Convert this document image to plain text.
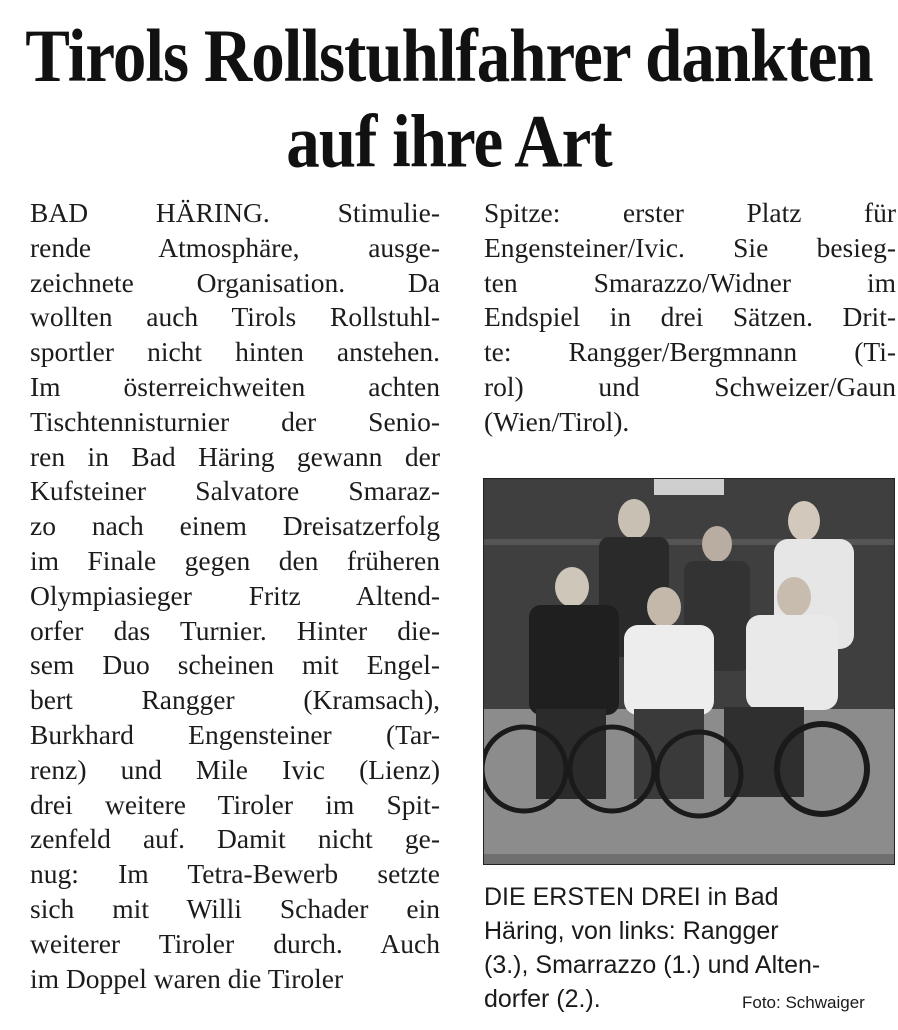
Tirols Rollstuhlfahrer dankten auf ihre Art
BAD HÄRING. Stimulie-
rende Atmosphäre, ausge-
zeichnete Organisation. Da
wollten auch Tirols Rollstuhl-
sportler nicht hinten anstehen.
Im österreichweiten achten
Tischtennisturnier der Senio-
ren in Bad Häring gewann der
Kufsteiner Salvatore Smaraz-
zo nach einem Dreisatzerfolg
im Finale gegen den früheren
Olympiasieger Fritz Altend-
orfer das Turnier. Hinter die-
sem Duo scheinen mit Engel-
bert Rangger (Kramsach),
Burkhard Engensteiner (Tar-
renz) und Mile Ivic (Lienz)
drei weitere Tiroler im Spit-
zenfeld auf. Damit nicht ge-
nug: Im Tetra-Bewerb setzte
sich mit Willi Schader ein
weiterer Tiroler durch. Auch
im Doppel waren die Tiroler
Spitze: erster Platz für
Engensteiner/Ivic. Sie besieg-
ten Smarazzo/Widner im
Endspiel in drei Sätzen. Drit-
te: Rangger/Bergmnann (Ti-
rol) und Schweizer/Gaun
(Wien/Tirol).
DIE ERSTEN DREI in Bad
Häring, von links: Rangger
(3.), Smarrazzo (1.) und Alten-
dorfer (2.).	Foto: Schwaiger
